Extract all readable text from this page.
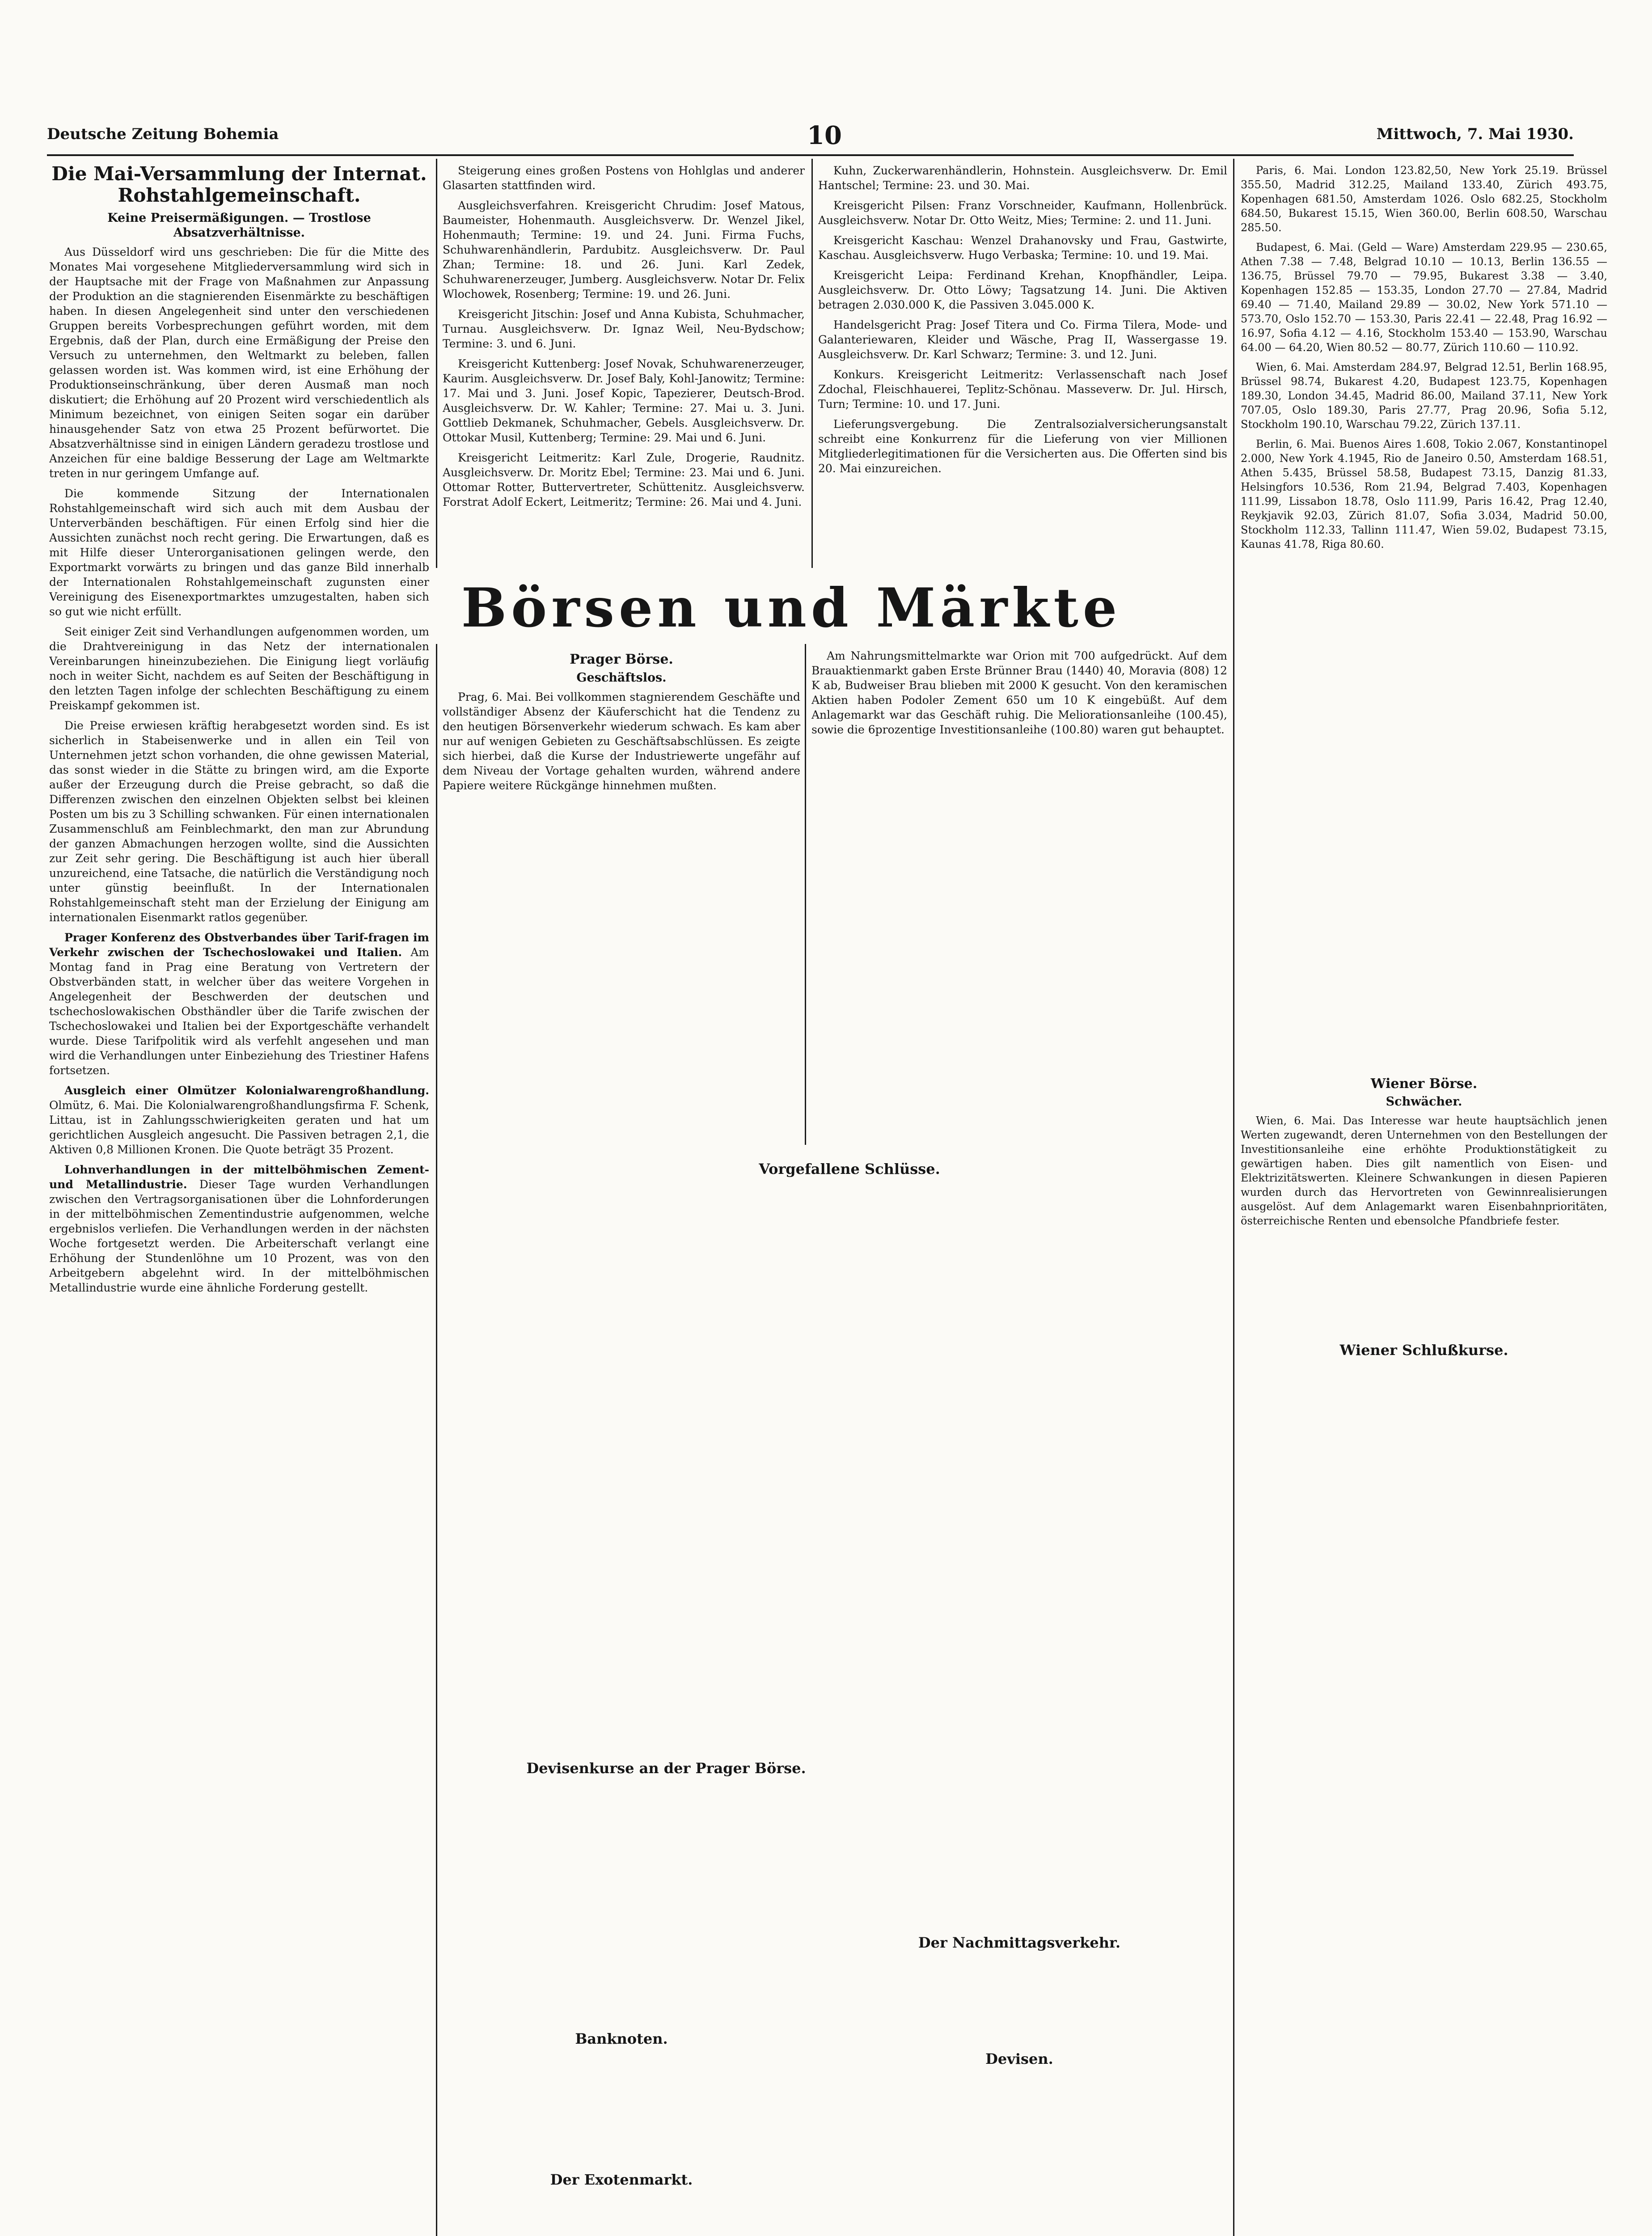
Deutsche Zeitung Bohemia	10	Mittwoch, 7. Mai 1930.
Die Mai-Versammlung der Internat. Rohstahlgemeinschaft.
Keine Preisermäßigungen. — Trostlose Absatzverhältnisse.

Aus Düsseldorf wird uns geschrieben: Die für die Mitte des Monates Mai vorgesehene Mitgliederversammlung wird sich in der Hauptsache mit der Frage von Maßnahmen zur Anpassung der Produktion an die stagnierenden Eisenmärkte zu beschäftigen haben. In diesen Angelegenheit sind unter den verschiedenen Gruppen bereits Vorbesprechungen geführt worden, mit dem Ergebnis, daß der Plan, durch eine Ermäßigung der Preise den Versuch zu unternehmen, den Weltmarkt zu beleben, fallen gelassen worden ist. Was kommen wird, ist eine Erhöhung der Produktionseinschränkung, über deren Ausmaß man noch diskutiert; die Erhöhung auf 20 Prozent wird verschiedentlich als Minimum bezeichnet, von einigen Seiten sogar ein darüber hinausgehender Satz von etwa 25 Prozent befürwortet. Die Absatzverhältnisse sind in einigen Ländern geradezu trostlose und Anzeichen für eine baldige Besserung der Lage am Weltmarkte treten in nur geringem Umfange auf.

Die kommende Sitzung der Internationalen Rohstahlgemeinschaft wird sich auch mit dem Ausbau der Unterverbänden beschäftigen. Für einen Erfolg sind hier die Aussichten zunächst noch recht gering. Die Erwartungen, daß es mit Hilfe dieser Unterorganisationen gelingen werde, den Exportmarkt vorwärts zu bringen und das ganze Bild innerhalb der Internationalen Rohstahlgemeinschaft zugunsten einer Vereinigung des Eisenexportmarktes umzugestalten, haben sich so gut wie nicht erfüllt.

Seit einiger Zeit sind Verhandlungen aufgenommen worden, um die Drahtvereinigung in das Netz der internationalen Vereinbarungen hineinzubeziehen. Die Einigung liegt vorläufig noch in weiter Sicht, nachdem es auf Seiten der Beschäftigung in den letzten Tagen infolge der schlechten Beschäftigung zu einem Preiskampf gekommen ist.

Die Preise erwiesen kräftig herabgesetzt worden sind. Es ist sicherlich in Stabeisenwerke und in allen ein Teil von Unternehmen jetzt schon vorhanden, die ohne gewissen Material, das sonst wieder in die Stätte zu bringen wird, am die Exporte außer der Erzeugung durch die Preise gebracht, so daß die Differenzen zwischen den einzelnen Objekten selbst bei kleinen Posten um bis zu 3 Schilling schwanken. Für einen internationalen Zusammenschluß am Feinblechmarkt, den man zur Abrundung der ganzen Abmachungen herzogen wollte, sind die Aussichten zur Zeit sehr gering. Die Beschäftigung ist auch hier überall unzureichend, eine Tatsache, die natürlich die Verständigung noch unter günstig beeinflußt. In der Internationalen Rohstahlgemeinschaft steht man der Erzielung der Einigung am internationalen Eisenmarkt ratlos gegenüber.

Prager Konferenz des Obstverbandes über Tarif-fragen im Verkehr zwischen der Tschechoslowakei und Italien. Am Montag fand in Prag eine Beratung von Vertretern der Obstverbänden statt, in welcher über das weitere Vorgehen in Angelegenheit der Beschwerden der deutschen und tschechoslowakischen Obsthändler über die Tarife zwischen der Tschechoslowakei und Italien bei der Exportgeschäfte verhandelt wurde. Diese Tarifpolitik wird als verfehlt angesehen und man wird die Verhandlungen unter Einbeziehung des Triestiner Hafens fortsetzen.

Ausgleich einer Olmützer Kolonialwarengroßhandlung. Olmütz, 6. Mai. Die Kolonialwarengroßhandlungsfirma F. Schenk, Littau, ist in Zahlungsschwierigkeiten geraten und hat um gerichtlichen Ausgleich angesucht. Die Passiven betragen 2,1, die Aktiven 0,8 Millionen Kronen. Die Quote beträgt 35 Prozent.

Lohnverhandlungen in der mittelböhmischen Zement- und Metallindustrie. Dieser Tage wurden Verhandlungen zwischen den Vertragsorganisationen über die Lohnforderungen in der mittelböhmischen Zementindustrie aufgenommen, welche ergebnislos verliefen. Die Verhandlungen werden in der nächsten Woche fortgesetzt werden. Die Arbeiterschaft verlangt eine Erhöhung der Stundenlöhne um 10 Prozent, was von den Arbeitgebern abgelehnt wird. In der mittelböhmischen Metallindustrie wurde eine ähnliche Forderung gestellt.

Steigerung eines großen Postens von Hohlglas und anderer Glasarten stattfinden wird.

Ausgleichsverfahren. Kreisgericht Chrudim: Josef Matous, Baumeister, Hohenmauth. Ausgleichsverw. Dr. Wenzel Jikel, Hohenmauth; Termine: 19. und 24. Juni. Firma Fuchs, Schuhwarenhändlerin, Pardubitz. Ausgleichsverw. Dr. Paul Zhan; Termine: 18. und 26. Juni. Karl Zedek, Schuhwarenerzeuger, Jumberg. Ausgleichsverw. Notar Dr. Felix Wlochowek, Rosenberg; Termine: 19. und 26. Juni.

Kreisgericht Jitschin: Josef und Anna Kubista, Schuhmacher, Turnau. Ausgleichsverw. Dr. Ignaz Weil, Neu-Bydschow; Termine: 3. und 6. Juni.

Kreisgericht Kuttenberg: Josef Novak, Schuhwarenerzeuger, Kaurim. Ausgleichsverw. Dr. Josef Baly, Kohl-Janowitz; Termine: 17. Mai und 3. Juni. Josef Kopic, Tapezierer, Deutsch-Brod. Ausgleichsverw. Dr. W. Kahler; Termine: 27. Mai u. 3. Juni. Gottlieb Dekmanek, Schuhmacher, Gebels. Ausgleichsverw. Dr. Ottokar Musil, Kuttenberg; Termine: 29. Mai und 6. Juni.

Kreisgericht Leitmeritz: Karl Zule, Drogerie, Raudnitz. Ausgleichsverw. Dr. Moritz Ebel; Termine: 23. Mai und 6. Juni. Ottomar Rotter, Buttervertreter, Schüttenitz. Ausgleichsverw. Forstrat Adolf Eckert, Leitmeritz; Termine: 26. Mai und 4. Juni.

Kuhn, Zuckerwarenhändlerin, Hohnstein. Ausgleichsverw. Dr. Emil Hantschel; Termine: 23. und 30. Mai.

Kreisgericht Pilsen: Franz Vorschneider, Kaufmann, Hollenbrück. Ausgleichsverw. Notar Dr. Otto Weitz, Mies; Termine: 2. und 11. Juni.

Kreisgericht Kaschau: Wenzel Drahanovsky und Frau, Gastwirte, Kaschau. Ausgleichsverw. Hugo Verbaska; Termine: 10. und 19. Mai.

Kreisgericht Leipa: Ferdinand Krehan, Knopfhändler, Leipa. Ausgleichsverw. Dr. Otto Löwy; Tagsatzung 14. Juni. Die Aktiven betragen 2.030.000 K, die Passiven 3.045.000 K.

Handelsgericht Prag: Josef Titera und Co. Firma Tilera, Mode- und Galanteriewaren, Kleider und Wäsche, Prag II, Wassergasse 19. Ausgleichsverw. Dr. Karl Schwarz; Termine: 3. und 12. Juni.

Konkurs. Kreisgericht Leitmeritz: Verlassenschaft nach Josef Zdochal, Fleischhauerei, Teplitz-Schönau. Masseverw. Dr. Jul. Hirsch, Turn; Termine: 10. und 17. Juni.

Lieferungsvergebung. Die Zentralsozialversicherungsanstalt schreibt eine Konkurrenz für die Lieferung von vier Millionen Mitgliederlegitimationen für die Versicherten aus. Die Offerten sind bis 20. Mai einzureichen.

Börsen und Märkte

Paris, 6. Mai. London 123.82,50, New York 25.19. Brüssel 355.50, Madrid 312.25, Mailand 133.40, Zürich 493.75, Kopenhagen 681.50, Amsterdam 1026. Oslo 682.25, Stockholm 684.50, Bukarest 15.15, Wien 360.00, Berlin 608.50, Warschau 285.50.

Budapest, 6. Mai. (Geld — Ware) Amsterdam 229.95 — 230.65, Athen 7.38 — 7.48, Belgrad 10.10 — 10.13, Berlin 136.55 — 136.75, Brüssel 79.70 — 79.95, Bukarest 3.38 — 3.40, Kopenhagen 152.85 — 153.35, London 27.70 — 27.84, Madrid 69.40 — 71.40, Mailand 29.89 — 30.02, New York 571.10 — 573.70, Oslo 152.70 — 153.30, Paris 22.41 — 22.48, Prag 16.92 — 16.97, Sofia 4.12 — 4.16, Stockholm 153.40 — 153.90, Warschau 64.00 — 64.20, Wien 80.52 — 80.77, Zürich 110.60 — 110.92.

Wien, 6. Mai. Amsterdam 284.97, Belgrad 12.51, Berlin 168.95, Brüssel 98.74, Bukarest 4.20, Budapest 123.75, Kopenhagen 189.30, London 34.45, Madrid 86.00, Mailand 37.11, New York 707.05, Oslo 189.30, Paris 27.77, Prag 20.96, Sofia 5.12, Stockholm 190.10, Warschau 79.22, Zürich 137.11.

Berlin, 6. Mai. Buenos Aires 1.608, Tokio 2.067, Konstantinopel 2.000, New York 4.1945, Rio de Janeiro 0.50, Amsterdam 168.51, Athen 5.435, Brüssel 58.58, Budapest 73.15, Danzig 81.33, Helsingfors 10.536, Rom 21.94, Belgrad 7.403, Kopenhagen 111.99, Lissabon 18.78, Oslo 111.99, Paris 16.42, Prag 12.40, Reykjavik 92.03, Zürich 81.07, Sofia 3.034, Madrid 50.00, Stockholm 112.33, Tallinn 111.47, Wien 59.02, Budapest 73.15, Kaunas 41.78, Riga 80.60.

Prager Börse.
Geschäftslos.

Prag, 6. Mai. Bei vollkommen stagnierendem Geschäfte und vollständiger Absenz der Käuferschicht hat die Tendenz zu den heutigen Börsenverkehr wiederum schwach. Es kam aber nur auf wenigen Gebieten zu Geschäftsabschlüssen. Es zeigte sich hierbei, daß die Kurse der Industriewerte ungefähr auf dem Niveau der Vortage gehalten wurden, während andere Papiere weitere Rückgänge hinnehmen mußten.

Am Nahrungsmittelmarkte war Orion mit 700 aufgedrückt. Auf dem Brauaktienmarkt gaben Erste Brünner Brau (1440) 40, Moravia (808) 12 K ab, Budweiser Brau blieben mit 2000 K gesucht. Von den keramischen Aktien haben Podoler Zement 650 um 10 K eingebüßt. Auf dem Anlagemarkt war das Geschäft ruhig. Die Meliorationsanleihe (100.45), sowie die 6prozentige Investitionsanleihe (100.80) waren gut behauptet.

Vorgefallene Schlüsse.
Devisenkurse an der Prager Börse.
Banknoten.
Der Exotenmarkt.
Der Nachmittagsverkehr.
Devisen.
Wiener Börse.
Schwächer.

Wien, 6. Mai. Das Interesse war heute hauptsächlich jenen Werten zugewandt, deren Unternehmen von den Bestellungen der Investitionsanleihe eine erhöhte Produktionstätigkeit zu gewärtigen haben. Dies gilt namentlich von Eisen- und Elektrizitätswerten. Kleinere Schwankungen in diesen Papieren wurden durch das Hervortreten von Gewinnrealisierungen ausgelöst. Auf dem Anlagemarkt waren Eisenbahnprioritäten, österreichische Renten und ebensolche Pfandbriefe fester.

Wiener Schlußkurse.
